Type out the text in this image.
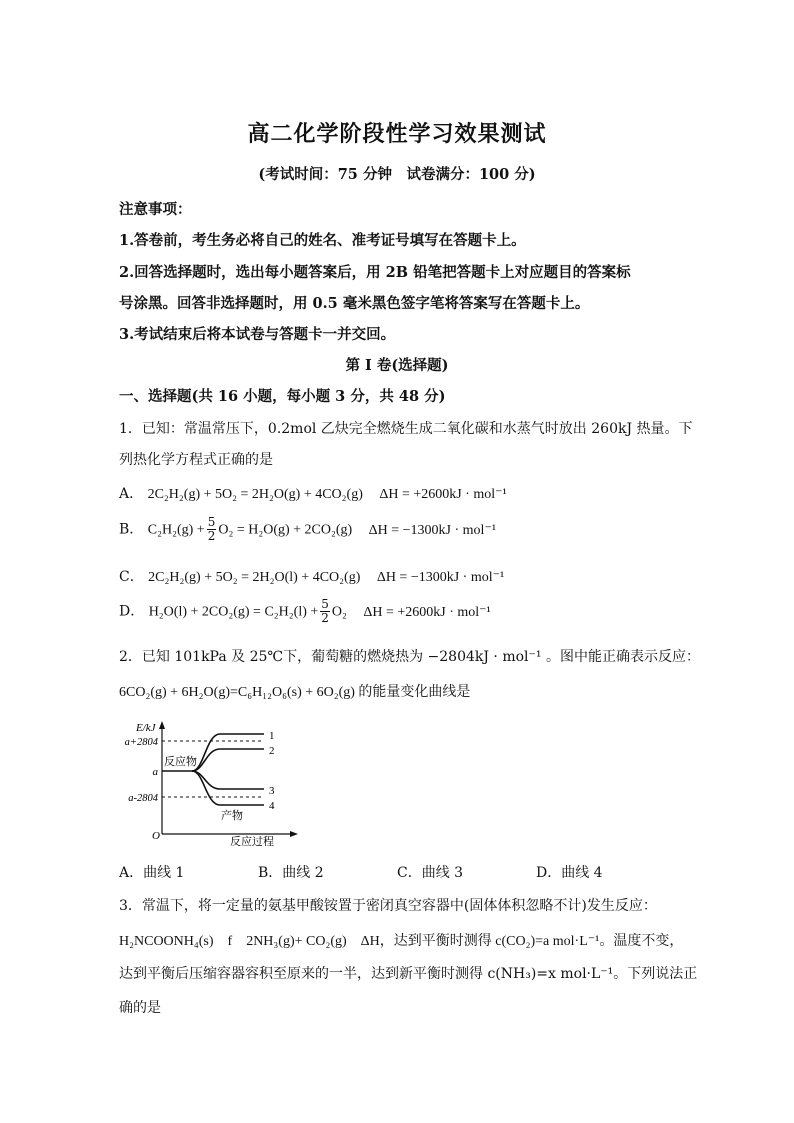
高二化学阶段性学习效果测试
(考试时间：75 分钟　试卷满分：100 分)
注意事项：
1.答卷前，考生务必将自己的姓名、准考证号填写在答题卡上。
2.回答选择题时，选出每小题答案后，用 2B 铅笔把答题卡上对应题目的答案标
号涂黑。回答非选择题时，用 0.5 毫米黑色签字笔将答案写在答题卡上。
3.考试结束后将本试卷与答题卡一并交回。
第 I 卷(选择题)
一、选择题(共 16 小题，每小题 3 分，共 48 分)
1．已知：常温常压下，0.2mol 乙炔完全燃烧生成二氧化碳和水蒸气时放出 260kJ 热量。下
列热化学方程式正确的是
A． 2C₂H₂(g) + 5O₂ = 2H₂O(g) + 4CO₂(g) ΔH = +2600kJ · mol⁻¹
B． $C_2H_2(g) + \frac{5}{2} O_2 = H_2O(g) + 2CO_2(g) \Delta H = -1300kJ \cdot mol^{-1}$
C． 2C₂H₂(g) + 5O₂ = 2H₂O(l) + 4CO₂(g) ΔH = −1300kJ · mol⁻¹
D． $H_2O(l) + 2CO_2(g) = C_2H_2(l) + \frac{5}{2} O_2$ ΔH = +2600kJ · mol⁻¹
2．已知 101kPa 及 25℃下，葡萄糖的燃烧热为 −2804kJ · mol⁻¹ 。图中能正确表示反应：
6CO₂(g) + 6H₂O(g)=C₆H₁₂O₆(s) + 6O₂(g) 的能量变化曲线是
E/kJ
a+2804
a
a-2804
O
反应物
产物
反应过程
1
2
3
4
A．曲线 1	B．曲线 2	C．曲线 3	D．曲线 4
3．常温下，将一定量的氨基甲酸铵置于密闭真空容器中(固体体积忽略不计)发生反应：
H₂NCOONH₄(s)　f　2NH₃(g)+ CO₂(g)　ΔH，达到平衡时测得 c(CO₂)=a mol·L⁻¹。温度不变，
达到平衡后压缩容器容积至原来的一半，达到新平衡时测得 c(NH₃)=x mol·L⁻¹。下列说法正
确的是
